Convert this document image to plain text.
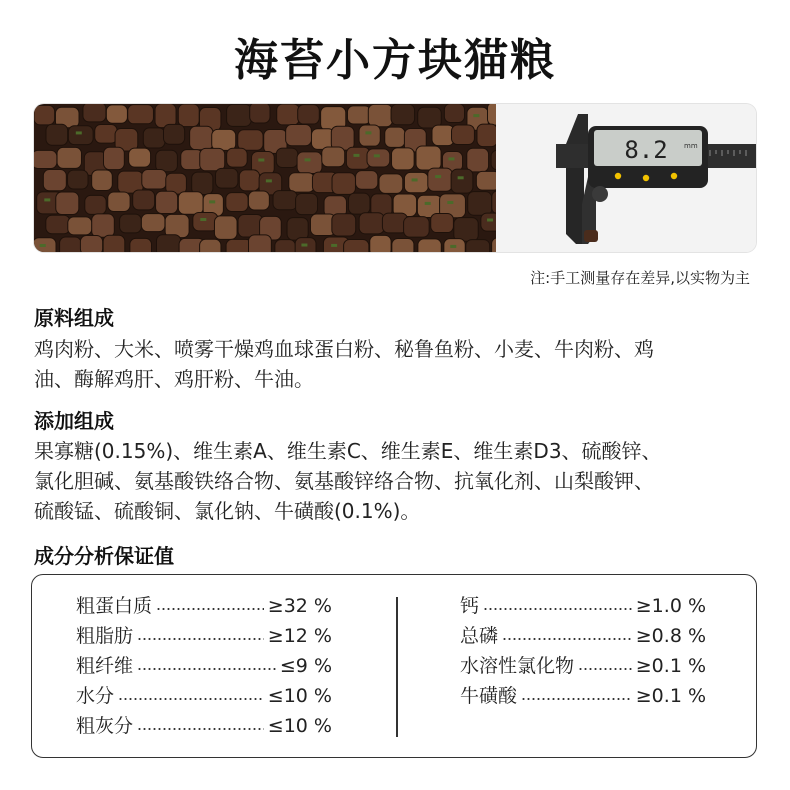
海苔小方块猫粮
8.2 mm
注:手工测量存在差异,以实物为主
原料组成
鸡肉粉、大米、喷雾干燥鸡血球蛋白粉、秘鲁鱼粉、小麦、牛肉粉、鸡
油、酶解鸡肝、鸡肝粉、牛油。
添加组成
果寡糖(0.15%)、维生素A、维生素C、维生素E、维生素D3、硫酸锌、
氯化胆碱、氨基酸铁络合物、氨基酸锌络合物、抗氧化剂、山梨酸钾、
硫酸锰、硫酸铜、氯化钠、牛磺酸(0.1%)。
成分分析保证值
粗蛋白质	≥32 %
粗脂肪	≥12 %
粗纤维	≤9 %
水分	≤10 %
粗灰分	≤10 %
钙	≥1.0 %
总磷	≥0.8 %
水溶性氯化物	≥0.1 %
牛磺酸	≥0.1 %
